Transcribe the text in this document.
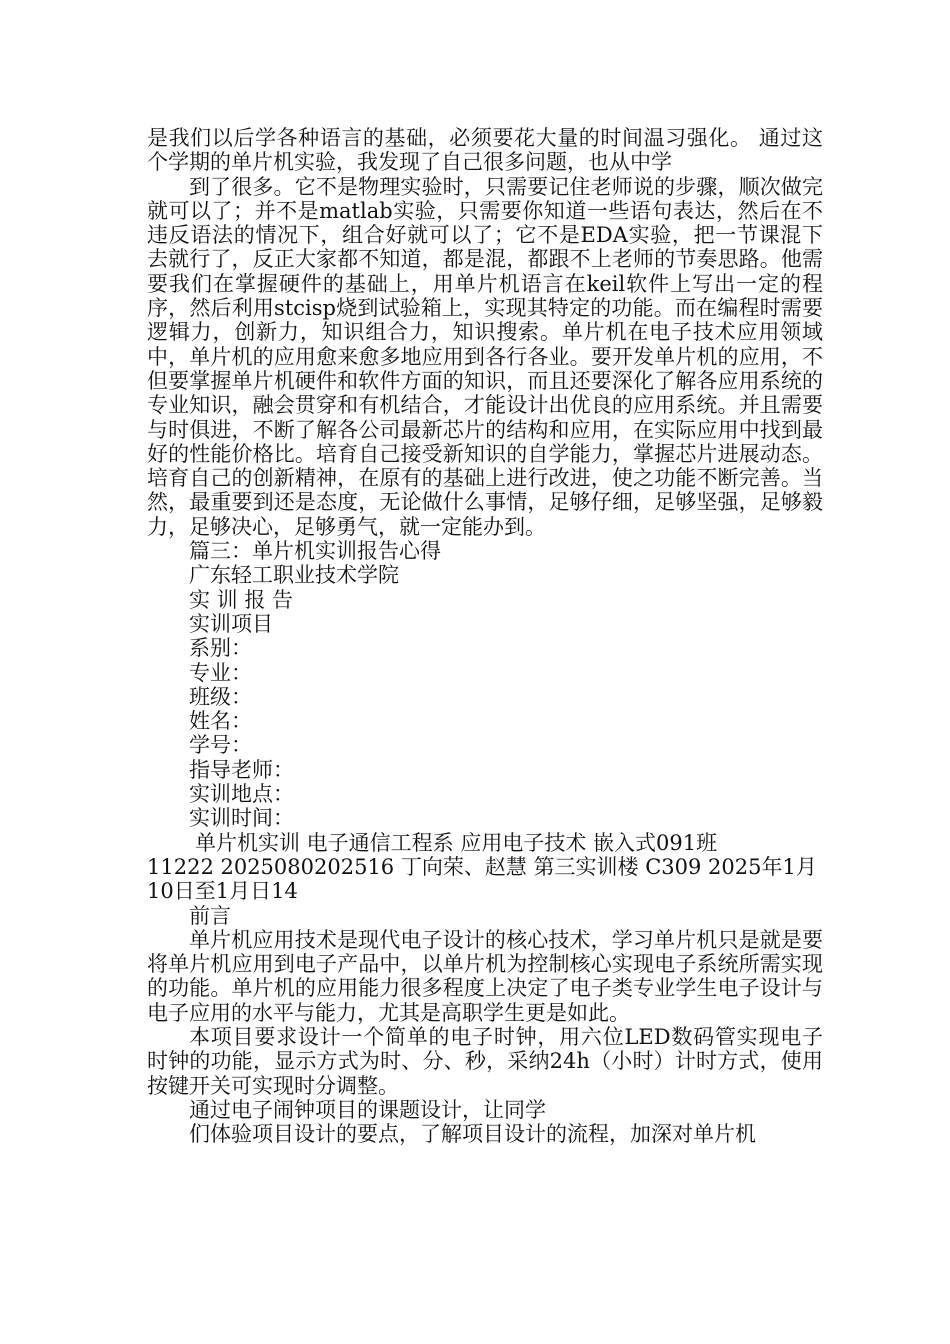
是我们以后学各种语言的基础，必须要花大量的时间温习强化。 通过这个学期的单片机实验，我发现了自己很多问题，也从中学

到了很多。它不是物理实验时，只需要记住老师说的步骤，顺次做完就可以了；并不是matlab实验，只需要你知道一些语句表达，然后在不违反语法的情况下，组合好就可以了；它不是EDA实验，把一节课混下去就行了，反正大家都不知道，都是混，都跟不上老师的节奏思路。他需要我们在掌握硬件的基础上，用单片机语言在keil软件上写出一定的程序，然后利用stcisp烧到试验箱上，实现其特定的功能。而在编程时需要逻辑力，创新力，知识组合力，知识搜索。单片机在电子技术应用领域中，单片机的应用愈来愈多地应用到各行各业。要开发单片机的应用，不但要掌握单片机硬件和软件方面的知识，而且还要深化了解各应用系统的专业知识，融会贯穿和有机结合，才能设计出优良的应用系统。并且需要与时俱进，不断了解各公司最新芯片的结构和应用，在实际应用中找到最好的性能价格比。培育自己接受新知识的自学能力，掌握芯片进展动态。培育自己的创新精神，在原有的基础上进行改进，使之功能不断完善。当然，最重要到还是态度，无论做什么事情，足够仔细，足够坚强，足够毅力，足够决心，足够勇气，就一定能办到。

篇三：单片机实训报告心得

广东轻工职业技术学院

实 训 报 告

实训项目

系别：

专业：

班级：

姓名：

学号：

指导老师：

实训地点：

实训时间：

单片机实训 电子通信工程系 应用电子技术 嵌入式091班

11222 2025080202516 丁向荣、赵慧 第三实训楼 C309 2025年1月

10日至1月日14

前言

单片机应用技术是现代电子设计的核心技术，学习单片机只是就是要将单片机应用到电子产品中，以单片机为控制核心实现电子系统所需实现的功能。单片机的应用能力很多程度上决定了电子类专业学生电子设计与电子应用的水平与能力，尤其是高职学生更是如此。

本项目要求设计一个简单的电子时钟，用六位LED数码管实现电子时钟的功能，显示方式为时、分、秒，采纳24h（小时）计时方式，使用按键开关可实现时分调整。

通过电子闹钟项目的课题设计，让同学

们体验项目设计的要点，了解项目设计的流程，加深对单片机
